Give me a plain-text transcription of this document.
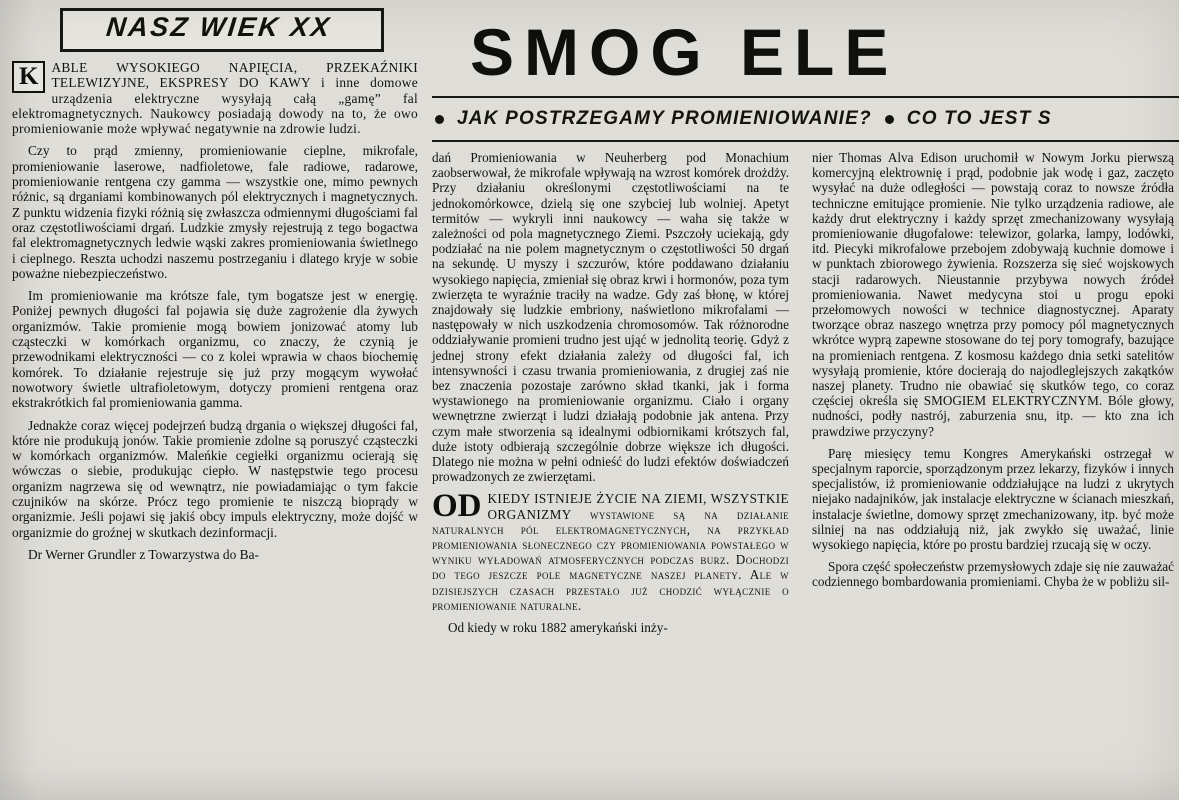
NASZ WIEK XX	SMOG ELE
JAK POSTRZEGAMY PROMIENIOWANIE? CO TO JEST S

K ABLE WYSOKIEGO NAPIĘCIA, PRZEKAŹNIKI TELEWIZYJNE, EKSPRESY DO KAWY i inne domowe urządzenia elektryczne wysyłają całą „gamę” fal elektromagnetycznych. Naukowcy posiadają dowody na to, że owo promieniowanie może wpływać negatywnie na zdrowie ludzi.

Czy to prąd zmienny, promieniowanie cieplne, mikrofale, promieniowanie laserowe, nadfioletowe, fale radiowe, radarowe, promieniowanie rentgena czy gamma — wszystkie one, mimo pewnych różnic, są drganiami kombinowanych pól elektrycznych i magnetycznych. Z punktu widzenia fizyki różnią się zwłaszcza odmiennymi długościami fal oraz częstotliwościami drgań. Ludzkie zmysły rejestrują z tego bogactwa fal elektromagnetycznych ledwie wąski zakres promieniowania świetlnego i cieplnego. Reszta uchodzi naszemu postrzeganiu i dlatego kryje w sobie poważne niebezpieczeństwo.

Im promieniowanie ma krótsze fale, tym bogatsze jest w energię. Poniżej pewnych długości fal pojawia się duże zagrożenie dla żywych organizmów. Takie promienie mogą bowiem jonizować atomy lub cząsteczki w komórkach organizmu, co znaczy, że czynią je przewodnikami elektryczności — co z kolei wprawia w chaos biochemię komórek. To działanie rejestruje się już przy mogącym wywołać nowotwory świetle ultrafioletowym, dotyczy promieni rentgena oraz ekstrakrótkich fal promieniowania gamma.

Jednakże coraz więcej podejrzeń budzą drgania o większej długości fal, które nie produkują jonów. Takie promienie zdolne są poruszyć cząsteczki w komórkach organizmów. Maleńkie cegiełki organizmu ocierają się wówczas o siebie, produkując ciepło. W następstwie tego procesu organizm nagrzewa się od wewnątrz, nie powiadamiając o tym fakcie czujników na skórze. Prócz tego promienie te niszczą bioprądy w organizmie. Jeśli pojawi się jakiś obcy impuls elektryczny, może dojść w organizmie do groźnej w skutkach dezinformacji.

Dr Werner Grundler z Towarzystwa do Ba-

dań Promieniowania w Neuherberg pod Monachium zaobserwował, że mikrofale wpływają na wzrost komórek drożdży. Przy działaniu określonymi częstotliwościami na te jednokomórkowce, dzielą się one szybciej lub wolniej. Apetyt termitów — wykryli inni naukowcy — waha się także w zależności od pola magnetycznego Ziemi. Pszczoły uciekają, gdy podziałać na nie polem magnetycznym o częstotliwości 50 drgań na sekundę. U myszy i szczurów, które poddawano działaniu wysokiego napięcia, zmieniał się obraz krwi i hormonów, poza tym zwierzęta te wyraźnie traciły na wadze. Gdy zaś błonę, w której znajdowały się ludzkie embriony, naświetlono mikrofalami — następowały w nich uszkodzenia chromosomów. Tak różnorodne oddziaływanie promieni trudno jest ująć w jednolitą teorię. Gdyż z jednej strony efekt działania zależy od długości fal, ich intensywności i czasu trwania promieniowania, z drugiej zaś nie bez znaczenia pozostaje zarówno skład tkanki, jak i forma wystawionego na promieniowanie organizmu. Ciało i organy wewnętrzne zwierząt i ludzi działają podobnie jak antena. Przy czym małe stworzenia są idealnymi odbiornikami krótszych fal, duże istoty odbierają szczególnie dobrze większe ich długości. Dlatego nie można w pełni odnieść do ludzi efektów doświadczeń prowadzonych ze zwierzętami.

OD KIEDY ISTNIEJE ŻYCIE NA ZIEMI, WSZYSTKIE ORGANIZMY wystawione są na działanie naturalnych pól elektromagnetycznych, na przykład promieniowania słonecznego czy promieniowania powstałego w wyniku wyładowań atmosferycznych podczas burz. Dochodzi do tego jeszcze pole magnetyczne naszej planety. Ale w dzisiejszych czasach przestało już chodzić wyłącznie o promieniowanie naturalne.

Od kiedy w roku 1882 amerykański inży-

nier Thomas Alva Edison uruchomił w Nowym Jorku pierwszą komercyjną elektrownię i prąd, podobnie jak wodę i gaz, zaczęto wysyłać na duże odległości — powstają coraz to nowsze źródła techniczne emitujące promienie. Nie tylko urządzenia radiowe, ale każdy drut elektryczny i każdy sprzęt zmechanizowany wysyłają promieniowanie długofalowe: telewizor, golarka, lampy, lodówki, itd. Piecyki mikrofalowe przebojem zdobywają kuchnie domowe i w punktach zbiorowego żywienia. Rozszerza się sieć wojskowych stacji radarowych. Nieustannie przybywa nowych źródeł promieniowania. Nawet medycyna stoi u progu epoki przełomowych nowości w technice diagnostycznej. Aparaty tworzące obraz naszego wnętrza przy pomocy pól magnetycznych wkrótce wyprą zapewne stosowane do tej pory tomografy, bazujące na promieniach rentgena. Z kosmosu każdego dnia setki satelitów wysyłają promienie, które docierają do najodleglejszych zakątków naszej planety. Trudno nie obawiać się skutków tego, co coraz częściej określa się SMOGIEM ELEKTRYCZNYM. Bóle głowy, nudności, podły nastrój, zaburzenia snu, itp. — kto zna ich prawdziwe przyczyny?

Parę miesięcy temu Kongres Amerykański ostrzegał w specjalnym raporcie, sporządzonym przez lekarzy, fizyków i innych specjalistów, iż promieniowanie oddziałujące na ludzi z ukrytych niejako nadajników, jak instalacje elektryczne w ścianach mieszkań, instalacje świetlne, domowy sprzęt zmechanizowany, itp. być może silniej na nas oddziałują niż, jak zwykło się uważać, linie wysokiego napięcia, które po prostu bardziej rzucają się w oczy.

Spora część społeczeństw przemysłowych zdaje się nie zauważać codziennego bombardowania promieniami. Chyba że w pobliżu sil-
